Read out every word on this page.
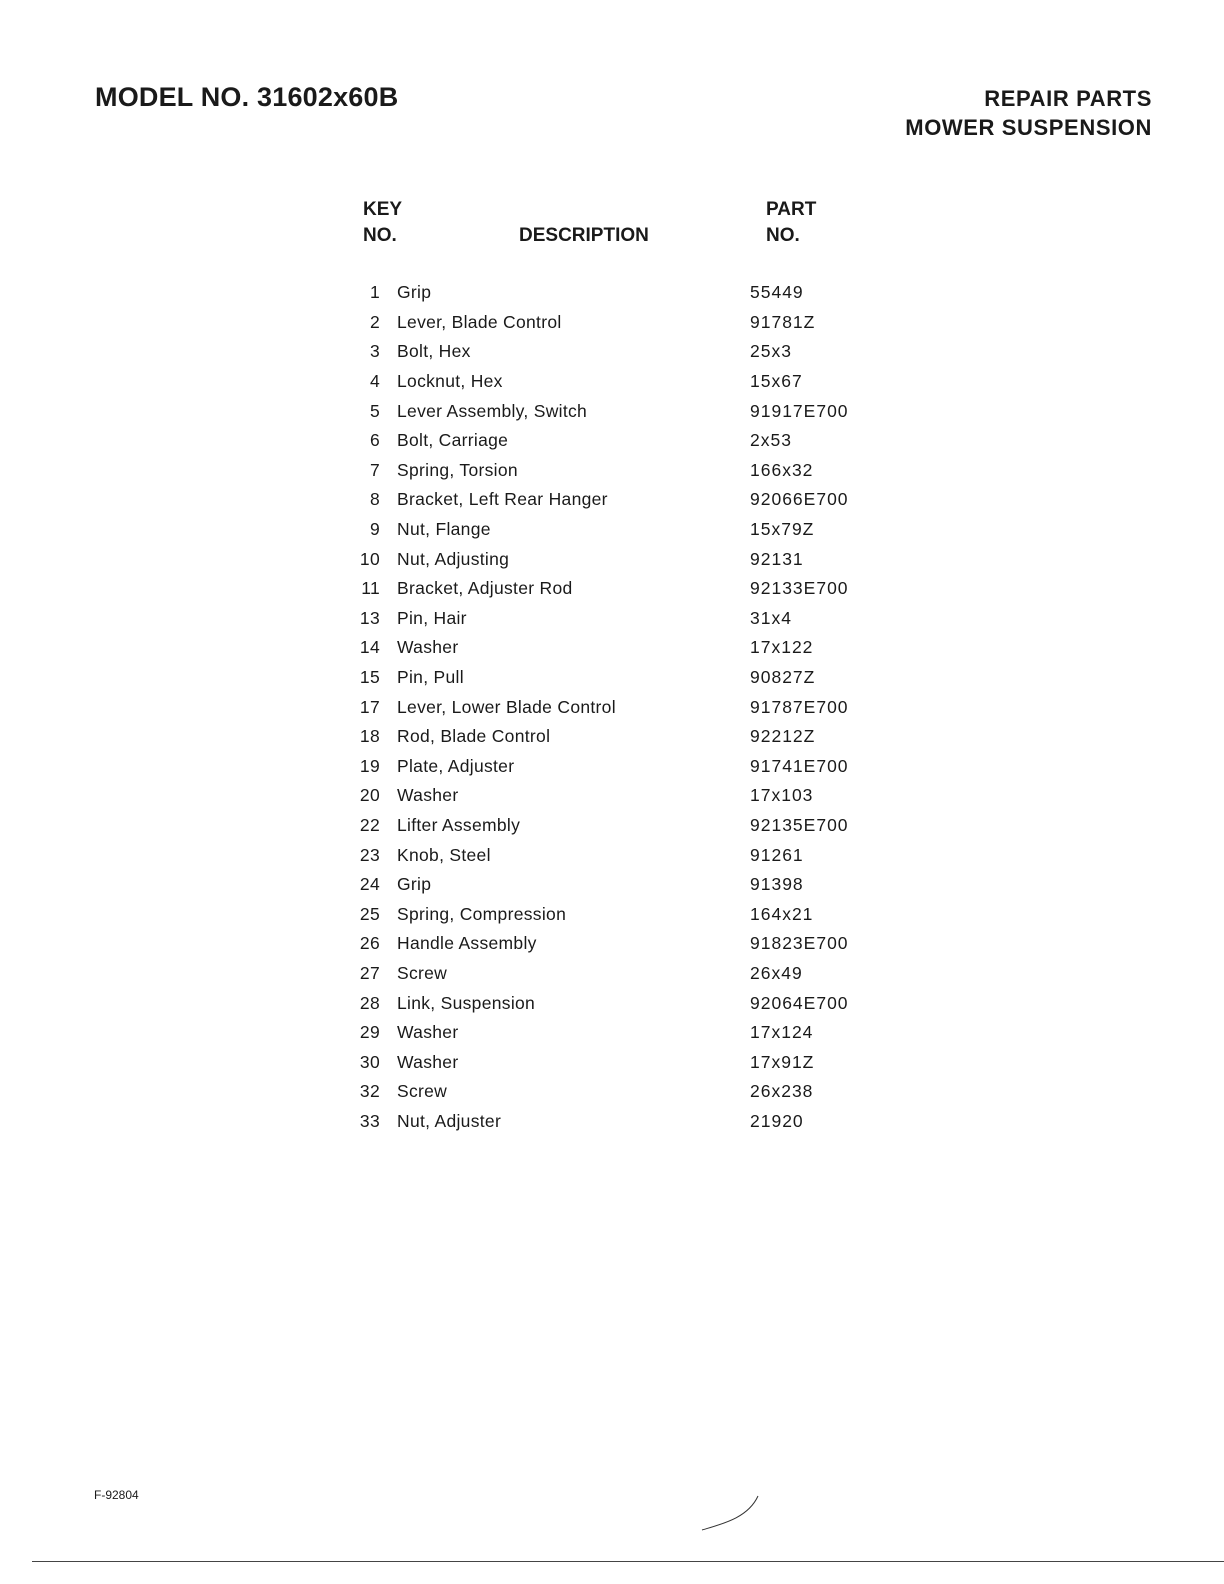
MODEL NO. 31602x60B	REPAIR PARTS
MOWER SUSPENSION
KEY
NO.	DESCRIPTION
PART
NO.
1 Grip	55449
2 Lever, Blade Control	91781Z
3 Bolt, Hex	25x3
4 Locknut, Hex	15x67
5 Lever Assembly, Switch	91917E700
6 Bolt, Carriage	2x53
7 Spring, Torsion	166x32
8 Bracket, Left Rear Hanger	92066E700
9 Nut, Flange	15x79Z
10 Nut, Adjusting	92131
11 Bracket, Adjuster Rod	92133E700
13 Pin, Hair	31x4
14 Washer	17x122
15 Pin, Pull	90827Z
17 Lever, Lower Blade Control	91787E700
18 Rod, Blade Control	92212Z
19 Plate, Adjuster	91741E700
20 Washer	17x103
22 Lifter Assembly	92135E700
23 Knob, Steel	91261
24 Grip	91398
25 Spring, Compression	164x21
26 Handle Assembly	91823E700
27 Screw	26x49
28 Link, Suspension	92064E700
29 Washer	17x124
30 Washer	17x91Z
32 Screw	26x238
33 Nut, Adjuster	21920
F-92804
